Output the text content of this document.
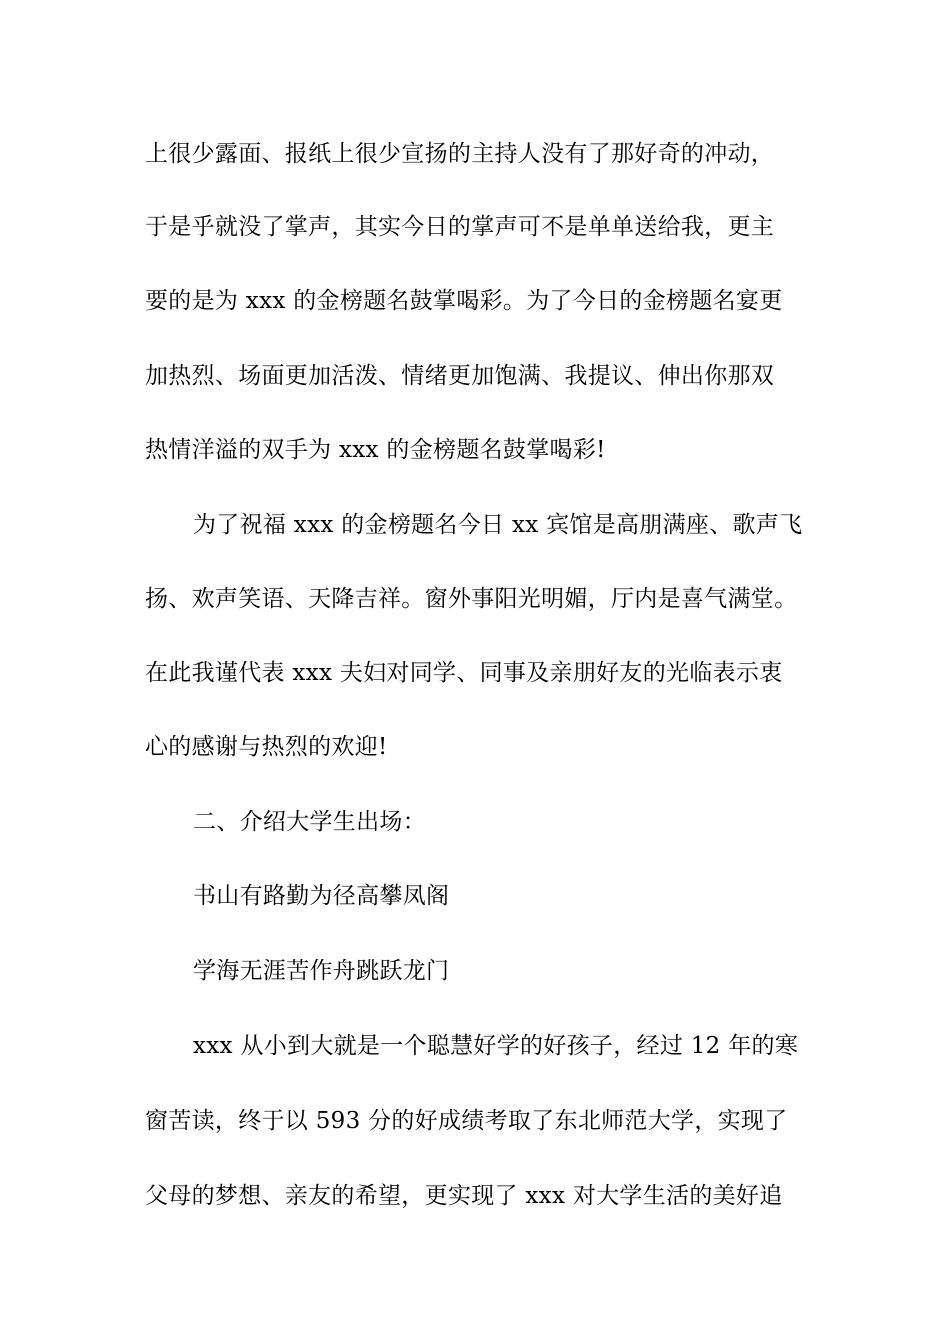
上很少露面、报纸上很少宣扬的主持人没有了那好奇的冲动，
于是乎就没了掌声，其实今日的掌声可不是单单送给我，更主
要的是为 xxx 的金榜题名鼓掌喝彩。为了今日的金榜题名宴更
加热烈、场面更加活泼、情绪更加饱满、我提议、伸出你那双
热情洋溢的双手为 xxx 的金榜题名鼓掌喝彩!
为了祝福 xxx 的金榜题名今日 xx 宾馆是高朋满座、歌声飞
扬、欢声笑语、天降吉祥。窗外事阳光明媚，厅内是喜气满堂。
在此我谨代表 xxx 夫妇对同学、同事及亲朋好友的光临表示衷
心的感谢与热烈的欢迎!
二、介绍大学生出场：
书山有路勤为径高攀凤阁
学海无涯苦作舟跳跃龙门
xxx 从小到大就是一个聪慧好学的好孩子，经过 12 年的寒
窗苦读，终于以 593 分的好成绩考取了东北师范大学，实现了
父母的梦想、亲友的希望，更实现了 xxx 对大学生活的美好追
